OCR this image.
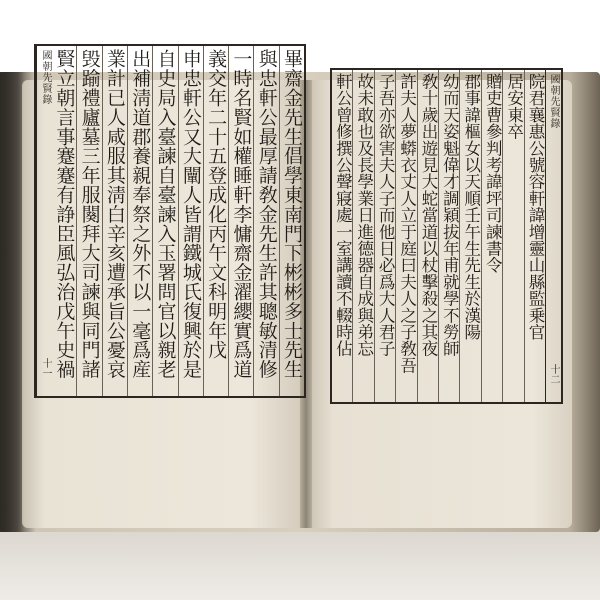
國朝先賢錄
十一	畢齋金先生倡學東南門下彬彬多士先生
與忠軒公最厚請敎金先生許其聰敏清修
一時名賢如權睡軒李慵齋金濯纓實爲道
義交年二十五登成化丙午文科明年戊
申忠軒公又大闡人皆謂鐵城氏復興於是
自史局入臺諫自臺諫入玉署問官以親老
出補淸道郡養親奉祭之外不以一毫爲産
業計已人咸服其淸白辛亥遭承旨公憂哀
毁踰禮廬墓三年服闋拜大司諫與同門諸
賢立朝言事蹇蹇有諍臣風弘治戊午史禍	國朝先賢錄
十二
院君襄惠公號容軒諱增靈山縣監乗官
居安東卒
贈吏曹參判考諱坪司諫書令
郡事諱樞女以天順壬午生先生於漢陽
幼而天姿魁偉才調穎拔年甫就學不勞師
敎十歲出遊見大蛇當道以杖擊殺之其夜
許夫人夢蟒衣丈人立于庭曰夫人之子敎吾
子吾亦欲害夫人子而他日必爲大人君子
故未敢也及長學業日進德器自成與弟忘
軒公曾修撰公聲寢處一室講讀不輟時佔
